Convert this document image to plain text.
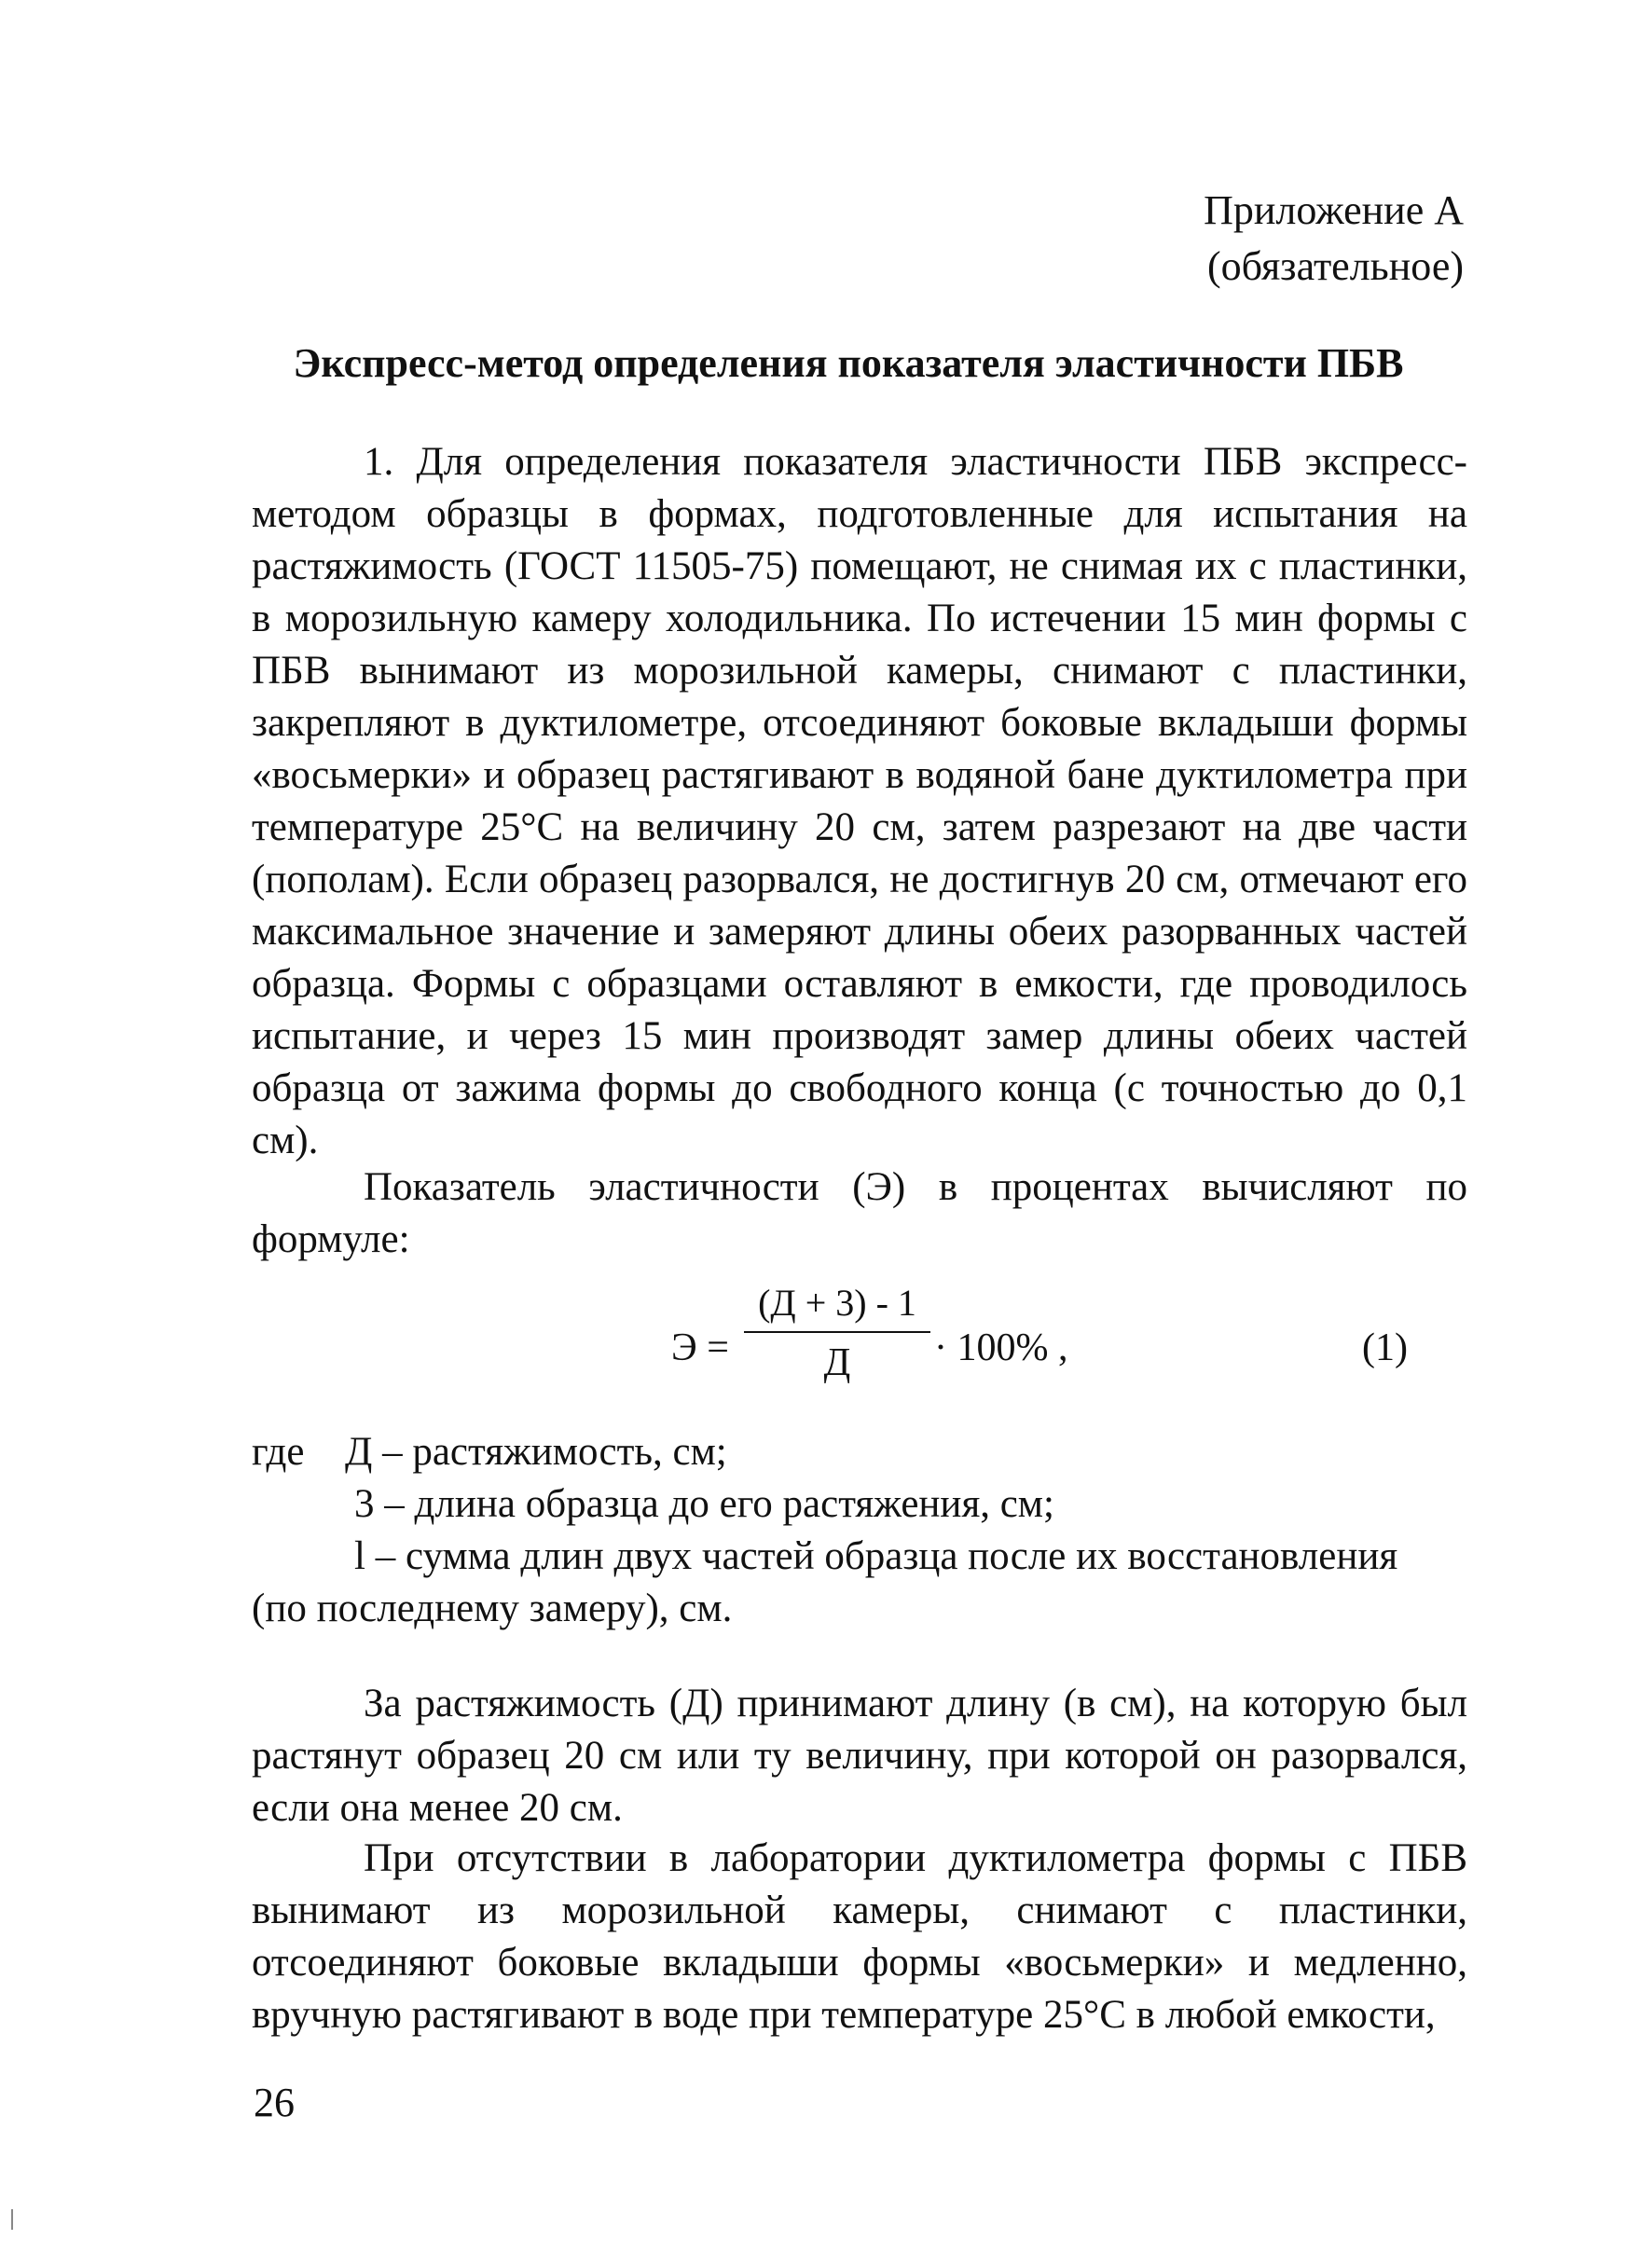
Приложение А
(обязательное)
Экспресс-метод определения показателя эластичности ПБВ
1. Для определения показателя эластичности ПБВ экспресс-методом образцы в формах, подготовленные для испытания на растяжимость (ГОСТ 11505-75) помещают, не снимая их с пластинки, в морозильную камеру холодильника. По истечении 15 мин формы с ПБВ вынимают из морозильной камеры, снимают с пластинки, закрепляют в дуктилометре, отсоединяют боковые вкладыши формы «восьмерки» и образец растягивают в водяной бане дуктилометра при температуре 25°С на величину 20 см, затем разрезают на две части (пополам). Если образец разорвался, не достигнув 20 см, отмечают его максимальное значение и замеряют длины обеих разорванных частей образца. Формы с образцами оставляют в емкости, где проводилось испытание, и через 15 мин производят замер длины обеих частей образца от зажима формы до свободного конца (с точностью до 0,1 см).
Показатель эластичности (Э) в процентах вычисляют по формуле:
Э =
(Д + 3) - 1
Д	· 100% ,	(1)
где Д – растяжимость, см;
3 – длина образца до его растяжения, см;
l – сумма длин двух частей образца после их восстановления
(по последнему замеру), см.
За растяжимость (Д) принимают длину (в см), на которую был растянут образец 20 см или ту величину, при которой он разорвался, если она менее 20 см.
При отсутствии в лаборатории дуктилометра формы с ПБВ вынимают из морозильной камеры, снимают с пластинки, отсоединяют боковые вкладыши формы «восьмерки» и медленно, вручную растягивают в воде при температуре 25°С в любой емкости,
26
